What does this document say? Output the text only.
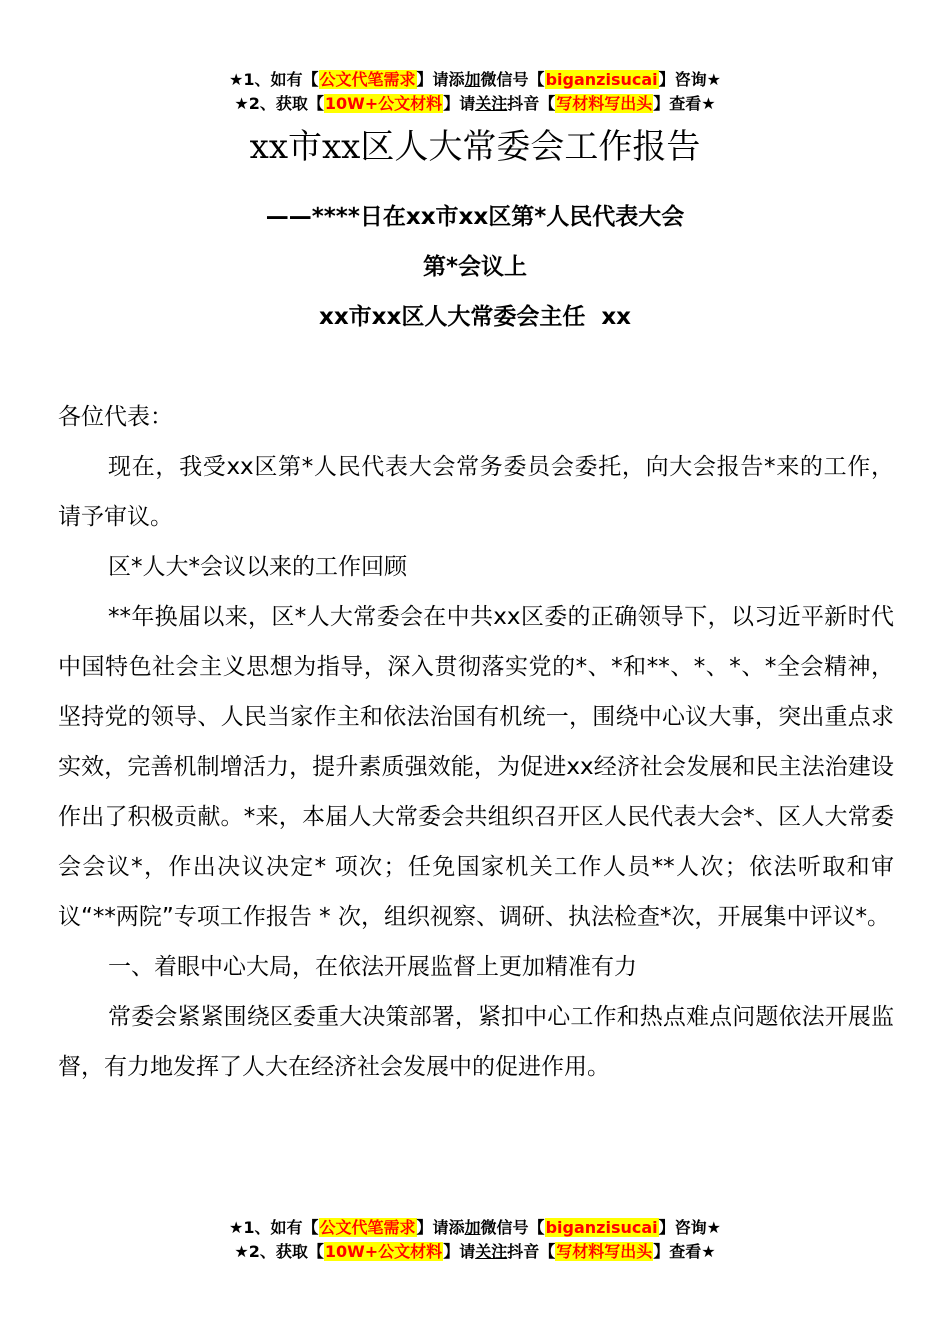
★1、如有【公文代笔需求】请添加微信号【biganzisucai】咨询★
★2、获取【10W+公文材料】请关注抖音【写材料写出头】查看★
xx市xx区人大常委会工作报告
——****日在xx市xx区第*人民代表大会
第*会议上
xx市xx区人大常委会主任  xx

各位代表：

现在，我受xx区第*人民代表大会常务委员会委托，向大会报告*来的工作，请予审议。

区*人大*会议以来的工作回顾

**年换届以来，区*人大常委会在中共xx区委的正确领导下，以习近平新时代中国特色社会主义思想为指导，深入贯彻落实党的*、*和**、*、*、*全会精神，坚持党的领导、人民当家作主和依法治国有机统一，围绕中心议大事，突出重点求实效，完善机制增活力，提升素质强效能，为促进xx经济社会发展和民主法治建设作出了积极贡献。*来，本届人大常委会共组织召开区人民代表大会*、区人大常委会会议*，作出决议决定* 项次；任免国家机关工作人员**人次；依法听取和审议“**两院”专项工作报告 * 次，组织视察、调研、执法检查*次，开展集中评议*。

一、着眼中心大局，在依法开展监督上更加精准有力

常委会紧紧围绕区委重大决策部署，紧扣中心工作和热点难点问题依法开展监督，有力地发挥了人大在经济社会发展中的促进作用。

★1、如有【公文代笔需求】请添加微信号【biganzisucai】咨询★
★2、获取【10W+公文材料】请关注抖音【写材料写出头】查看★
